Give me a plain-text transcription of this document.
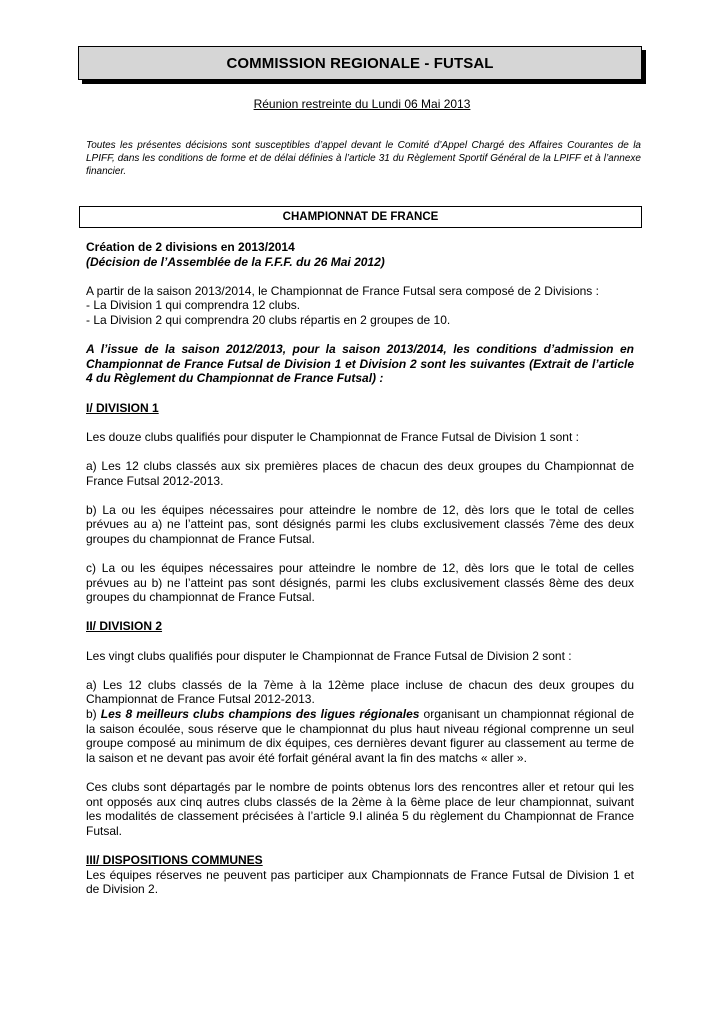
COMMISSION REGIONALE - FUTSAL
Réunion restreinte du Lundi 06 Mai 2013
Toutes les présentes décisions sont susceptibles d’appel devant le Comité d’Appel Chargé des Affaires Courantes de la LPIFF, dans les conditions de forme et de délai définies à l’article 31 du Règlement Sportif Général de la LPIFF et à l’annexe financier.
CHAMPIONNAT DE FRANCE

Création de 2 divisions en 2013/2014

(Décision de l’Assemblée de la F.F.F. du 26 Mai 2012)

A partir de la saison 2013/2014, le Championnat de France Futsal sera composé de 2 Divisions :

- La Division 1 qui comprendra 12 clubs.

- La Division 2 qui comprendra 20 clubs répartis en 2 groupes de 10.

A l’issue de la saison 2012/2013, pour la saison 2013/2014, les conditions d’admission en Championnat de France Futsal de Division 1 et Division 2 sont les suivantes (Extrait de l’article 4 du Règlement du Championnat de France Futsal) :

I/ DIVISION 1

Les douze clubs qualifiés pour disputer le Championnat de France Futsal de Division 1 sont :

a) Les 12 clubs classés aux six premières places de chacun des deux groupes du Championnat de France Futsal 2012-2013.

b) La ou les équipes nécessaires pour atteindre le nombre de 12, dès lors que le total de celles prévues au a) ne l’atteint pas, sont désignés parmi les clubs exclusivement classés 7ème des deux groupes du championnat de France Futsal.

c) La ou les équipes nécessaires pour atteindre le nombre de 12, dès lors que le total de celles prévues au b) ne l’atteint pas sont désignés, parmi les clubs exclusivement classés 8ème des deux groupes du championnat de France Futsal.

II/ DIVISION 2

Les vingt clubs qualifiés pour disputer le Championnat de France Futsal de Division 2 sont :

a) Les 12 clubs classés de la 7ème à la 12ème place incluse de chacun des deux groupes du Championnat de France Futsal 2012-2013.

b) Les 8 meilleurs clubs champions des ligues régionales organisant un championnat régional de la saison écoulée, sous réserve que le championnat du plus haut niveau régional comprenne un seul groupe composé au minimum de dix équipes, ces dernières devant figurer au classement au terme de la saison et ne devant pas avoir été forfait général avant la fin des matchs « aller ».

Ces clubs sont départagés par le nombre de points obtenus lors des rencontres aller et retour qui les ont opposés aux cinq autres clubs classés de la 2ème à la 6ème place de leur championnat, suivant les modalités de classement précisées à l’article 9.I alinéa 5 du règlement du Championnat de France Futsal.

III/ DISPOSITIONS COMMUNES

Les équipes réserves ne peuvent pas participer aux Championnats de France Futsal de Division 1 et de Division 2.
